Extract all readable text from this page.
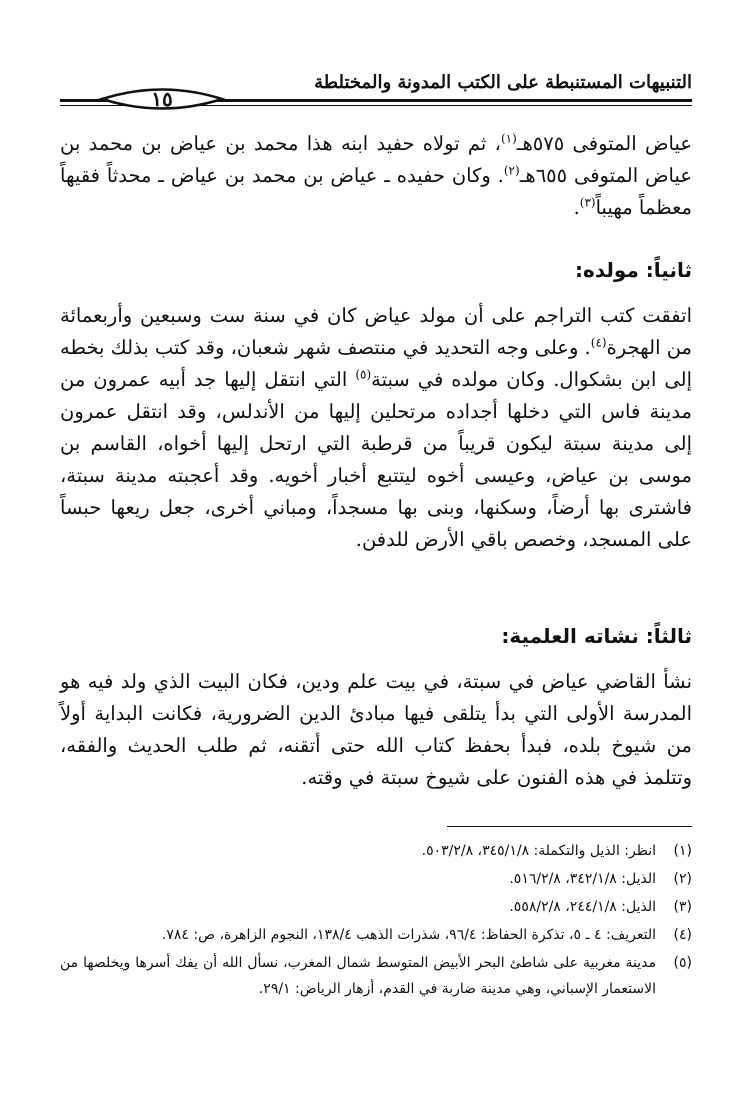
التنبيهات المستنبطة على الكتب المدونة والمختلطة
١٥

عياض المتوفى ٥٧٥هـ$^{(١)}$، ثم تولاه حفيد ابنه هذا محمد بن عياض بن محمد بن عياض المتوفى ٦٥٥هـ$^{(٢)}$. وكان حفيده ـ عياض بن محمد بن عياض ـ محدثاً فقيهاً معظماً مهيباً$^{(٣)}$.

ثانياً: مولده:

اتفقت كتب التراجم على أن مولد عياض كان في سنة ست وسبعين وأربعمائة من الهجرة$^{(٤)}$. وعلى وجه التحديد في منتصف شهر شعبان، وقد كتب بذلك بخطه إلى ابن بشكوال. وكان مولده في سبتة$^{(٥)}$ التي انتقل إليها جد أبيه عمرون من مدينة فاس التي دخلها أجداده مرتحلين إليها من الأندلس، وقد انتقل عمرون إلى مدينة سبتة ليكون قريباً من قرطبة التي ارتحل إليها أخواه، القاسم بن موسى بن عياض، وعيسى أخوه ليتتبع أخبار أخويه. وقد أعجبته مدينة سبتة، فاشترى بها أرضاً، وسكنها، وبنى بها مسجداً، ومباني أخرى، جعل ريعها حبساً على المسجد، وخصص باقي الأرض للدفن.

ثالثاً: نشاته العلمية:

نشأ القاضي عياض في سبتة، في بيت علم ودين، فكان البيت الذي ولد فيه هو المدرسة الأولى التي بدأ يتلقى فيها مبادئ الدين الضرورية، فكانت البداية أولاً من شيوخ بلده، فبدأ بحفظ كتاب الله حتى أتقنه، ثم طلب الحديث والفقه، وتتلمذ في هذه الفنون على شيوخ سبتة في وقته.

(١)
انظر: الذيل والتكملة: ٣٤٥/١/٨، ٥٠٣/٢/٨.
(٢)
الذيل: ٣٤٢/١/٨، ٥١٦/٢/٨.
(٣)
الذيل: ٢٤٤/١/٨، ٥٥٨/٢/٨.
(٤)
التعريف: ٤ ـ ٥، تذكرة الحفاظ: ٩٦/٤، شذرات الذهب ١٣٨/٤، النجوم الزاهرة، ص: ٧٨٤.
(٥)
مدينة مغربية على شاطئ البحر الأبيض المتوسط شمال المغرب، نسأل الله أن يفك أسرها ويخلصها من الاستعمار الإسباني، وهي مدينة ضاربة في القدم، أزهار الرياض: ٢٩/١.
